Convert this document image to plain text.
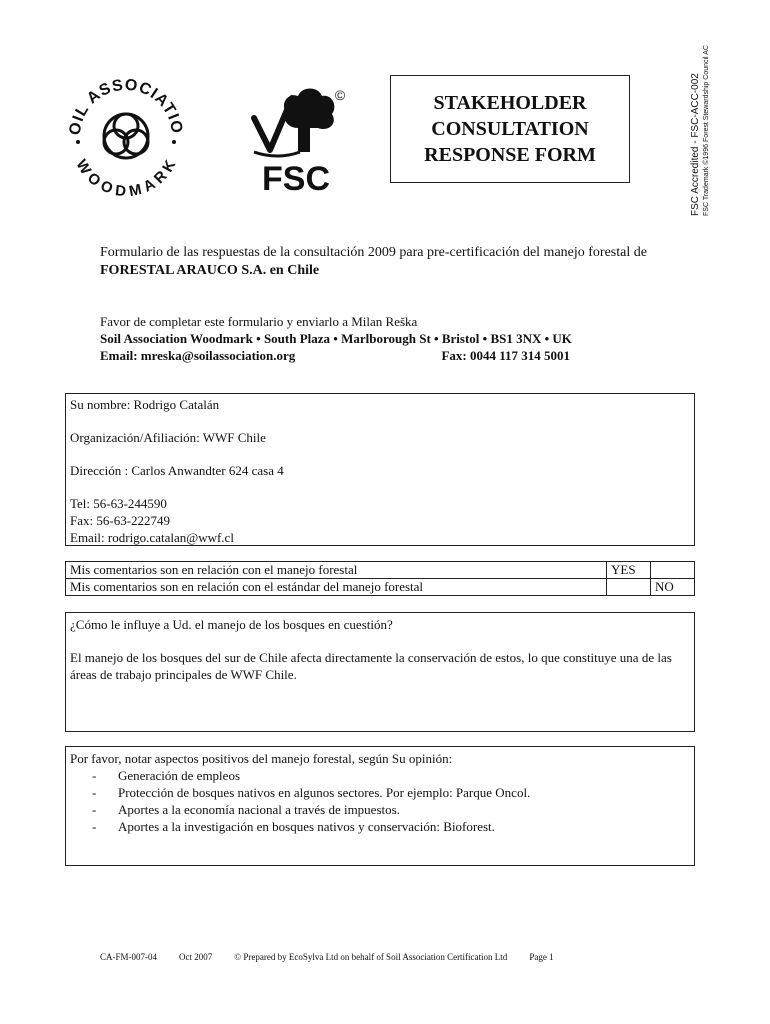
OIL ASSOCIATIO
WOODMARK
©
FSC
STAKEHOLDER
CONSULTATION
RESPONSE FORM	FSC Accredited - FSC-ACC-002 FSC Trademark ©1996 Forest Stewardship Council AC
Formulario de las respuestas de la consultación 2009 para pre-certificación del manejo forestal de
FORESTAL ARAUCO S.A. en Chile
Favor de completar este formulario y enviarlo a Milan Reška
Soil Association Woodmark • South Plaza • Marlborough St • Bristol • BS1 3NX • UK
Email: mreska@soilassociation.org	Fax: 0044 117 314 5001
Su nombre: Rodrigo Catalán
Organización/Afiliación: WWF Chile
Dirección : Carlos Anwandter 624 casa 4
Tel: 56-63-244590
Fax: 56-63-222749
Email: rodrigo.catalan@wwf.cl
Mis comentarios son en relación con el manejo forestal	YES	
Mis comentarios son en relación con el estándar del manejo forestal		NO
¿Cómo le influye a Ud. el manejo de los bosques en cuestión?
El manejo de los bosques del sur de Chile afecta directamente la conservación de estos, lo que constituye una de las áreas de trabajo principales de WWF Chile.
Por favor, notar aspectos positivos del manejo forestal, según Su opinión:
- Generación de empleos
- Protección de bosques nativos en algunos sectores. Por ejemplo: Parque Oncol.
- Aportes a la economía nacional a través de impuestos.
- Aportes a la investigación en bosques nativos y conservación: Bioforest.
CA-FM-007-04 Oct 2007 © Prepared by EcoSylva Ltd on behalf of Soil Association Certification Ltd Page 1
